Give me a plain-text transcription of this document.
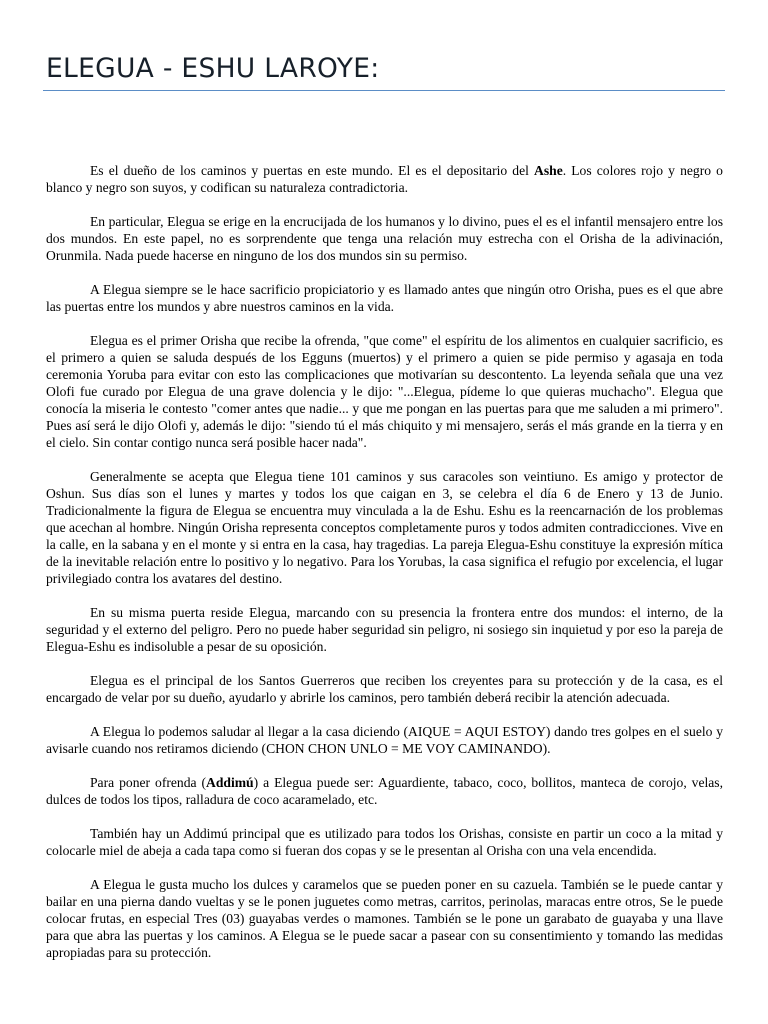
ELEGUA - ESHU LAROYE:

Es el dueño de los caminos y puertas en este mundo. El es el depositario del Ashe. Los colores rojo y negro o blanco y negro son suyos, y codifican su naturaleza contradictoria.

En particular, Elegua se erige en la encrucijada de los humanos y lo divino, pues el es el infantil mensajero entre los dos mundos. En este papel, no es sorprendente que tenga una relación muy estrecha con el Orisha de la adivinación, Orunmila. Nada puede hacerse en ninguno de los dos mundos sin su permiso.

A Elegua siempre se le hace sacrificio propiciatorio y es llamado antes que ningún otro Orisha, pues es el que abre las puertas entre los mundos y abre nuestros caminos en la vida.

Elegua es el primer Orisha que recibe la ofrenda, "que come" el espíritu de los alimentos en cualquier sacrificio, es el primero a quien se saluda después de los Egguns (muertos) y el primero a quien se pide permiso y agasaja en toda ceremonia Yoruba para evitar con esto las complicaciones que motivarían su descontento. La leyenda señala que una vez Olofi fue curado por Elegua de una grave dolencia y le dijo: "...Elegua, pídeme lo que quieras muchacho". Elegua que conocía la miseria le contesto "comer antes que nadie... y que me pongan en las puertas para que me saluden a mi primero". Pues así será le dijo Olofi y, además le dijo: "siendo tú el más chiquito y mi mensajero, serás el más grande en la tierra y en el cielo. Sin contar contigo nunca será posible hacer nada".

Generalmente se acepta que Elegua tiene 101 caminos y sus caracoles son veintiuno. Es amigo y protector de Oshun. Sus días son el lunes y martes y todos los que caigan en 3, se celebra el día 6 de Enero y 13 de Junio. Tradicionalmente la figura de Elegua se encuentra muy vinculada a la de Eshu. Eshu es la reencarnación de los problemas que acechan al hombre. Ningún Orisha representa conceptos completamente puros y todos admiten contradicciones. Vive en la calle, en la sabana y en el monte y si entra en la casa, hay tragedias. La pareja Elegua-Eshu constituye la expresión mítica de la inevitable relación entre lo positivo y lo negativo. Para los Yorubas, la casa significa el refugio por excelencia, el lugar privilegiado contra los avatares del destino.

En su misma puerta reside Elegua, marcando con su presencia la frontera entre dos mundos: el interno, de la seguridad y el externo del peligro. Pero no puede haber seguridad sin peligro, ni sosiego sin inquietud y por eso la pareja de Elegua-Eshu es indisoluble a pesar de su oposición.

Elegua es el principal de los Santos Guerreros que reciben los creyentes para su protección y de la casa, es el encargado de velar por su dueño, ayudarlo y abrirle los caminos, pero también deberá recibir la atención adecuada.

A Elegua lo podemos saludar al llegar a la casa diciendo (AIQUE = AQUI ESTOY) dando tres golpes en el suelo y avisarle cuando nos retiramos diciendo (CHON CHON UNLO = ME VOY CAMINANDO).

Para poner ofrenda (Addimú) a Elegua puede ser: Aguardiente, tabaco, coco, bollitos, manteca de corojo, velas, dulces de todos los tipos, ralladura de coco acaramelado, etc.

También hay un Addimú principal que es utilizado para todos los Orishas, consiste en partir un coco a la mitad y colocarle miel de abeja a cada tapa como si fueran dos copas y se le presentan al Orisha con una vela encendida.

A Elegua le gusta mucho los dulces y caramelos que se pueden poner en su cazuela. También se le puede cantar y bailar en una pierna dando vueltas y se le ponen juguetes como metras, carritos, perinolas, maracas entre otros, Se le puede colocar frutas, en especial Tres (03) guayabas verdes o mamones. También se le pone un garabato de guayaba y una llave para que abra las puertas y los caminos. A Elegua se le puede sacar a pasear con su consentimiento y tomando las medidas apropiadas para su protección.
